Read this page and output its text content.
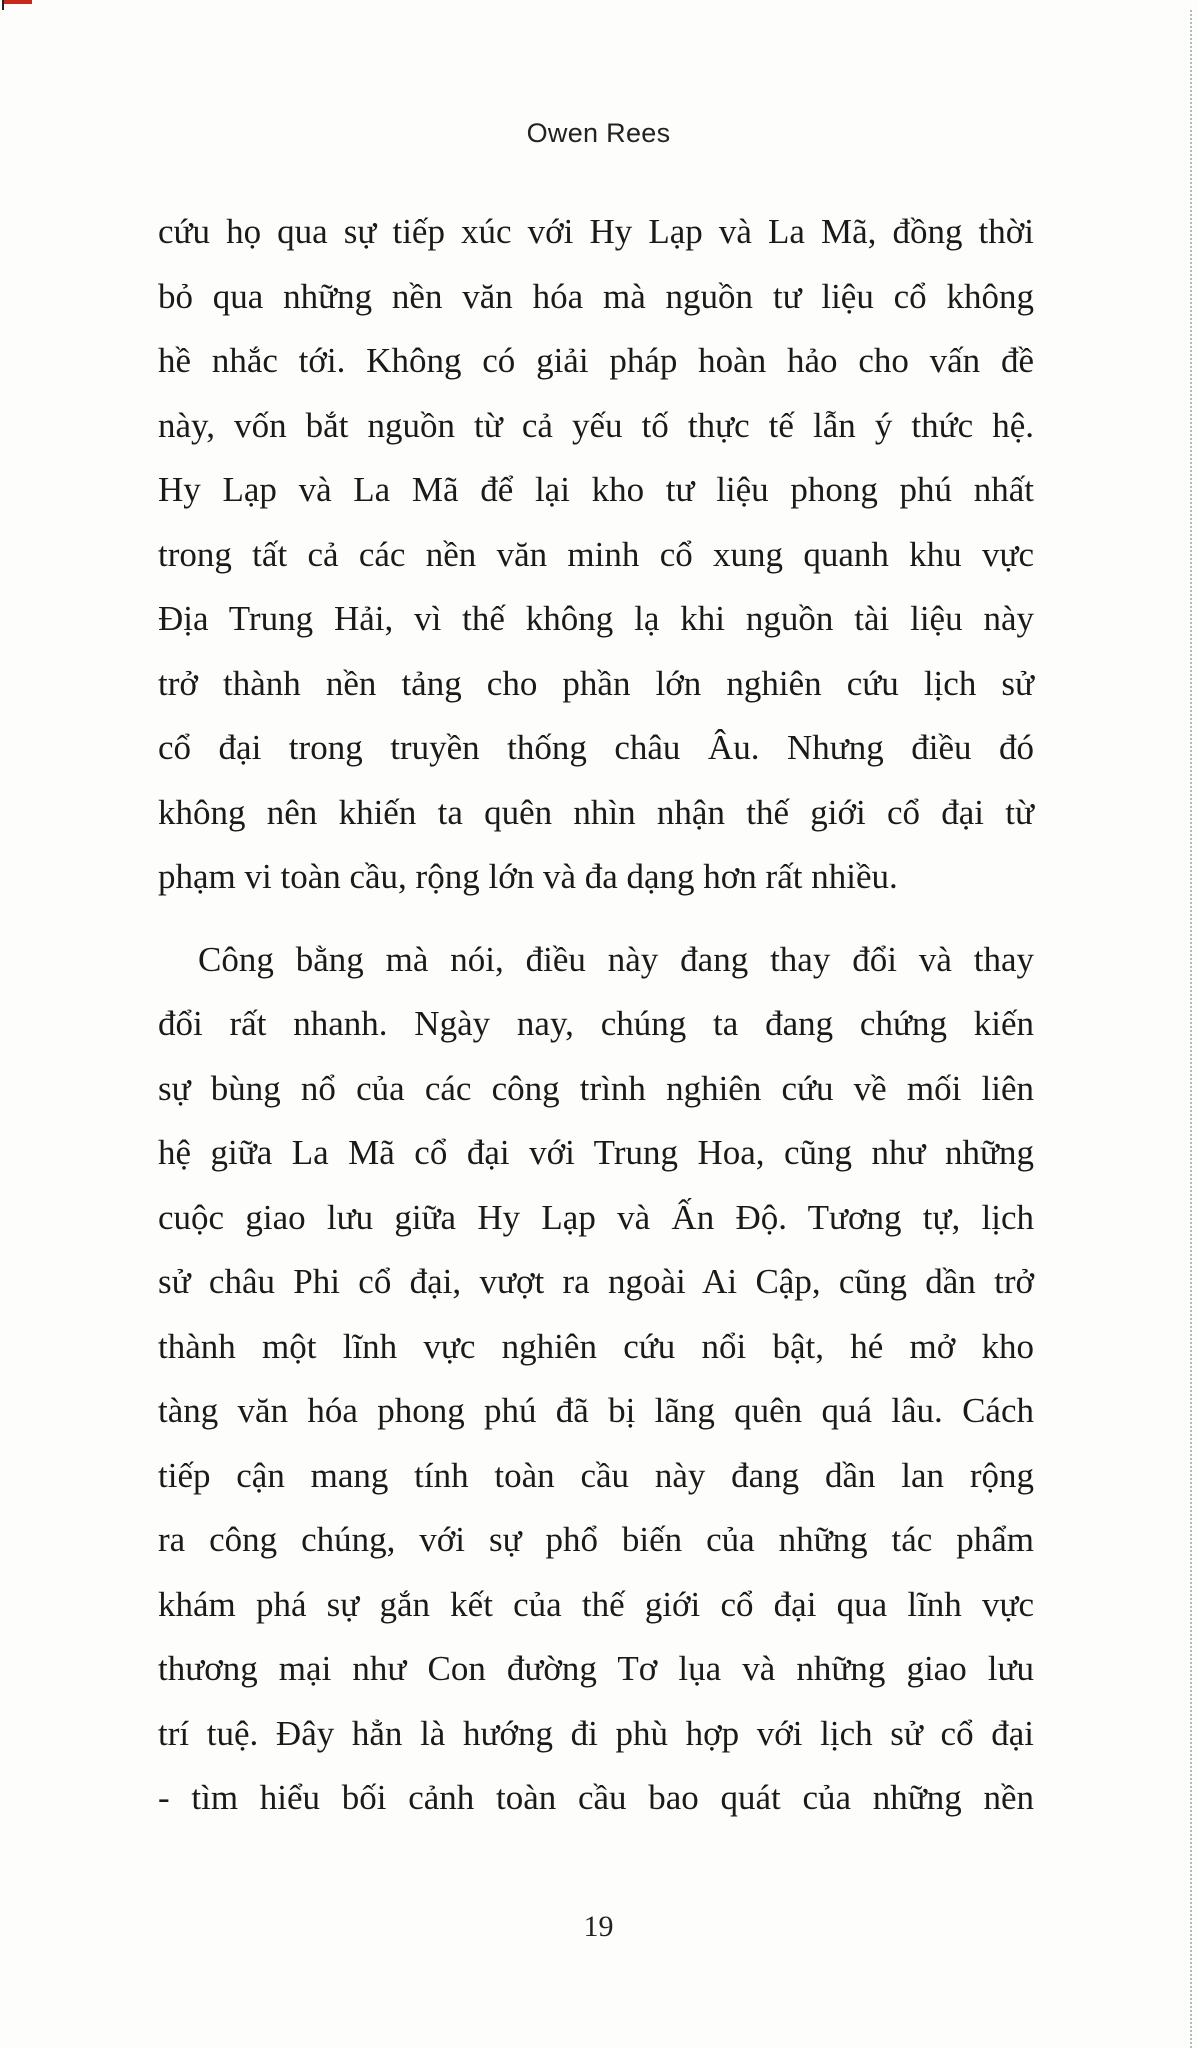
Owen Rees
cứu họ qua sự tiếp xúc với Hy Lạp và La Mã, đồng thời
bỏ qua những nền văn hóa mà nguồn tư liệu cổ không
hề nhắc tới. Không có giải pháp hoàn hảo cho vấn đề
này, vốn bắt nguồn từ cả yếu tố thực tế lẫn ý thức hệ.
Hy Lạp và La Mã để lại kho tư liệu phong phú nhất
trong tất cả các nền văn minh cổ xung quanh khu vực
Địa Trung Hải, vì thế không lạ khi nguồn tài liệu này
trở thành nền tảng cho phần lớn nghiên cứu lịch sử
cổ đại trong truyền thống châu Âu. Nhưng điều đó
không nên khiến ta quên nhìn nhận thế giới cổ đại từ
phạm vi toàn cầu, rộng lớn và đa dạng hơn rất nhiều.
Công bằng mà nói, điều này đang thay đổi và thay
đổi rất nhanh. Ngày nay, chúng ta đang chứng kiến
sự bùng nổ của các công trình nghiên cứu về mối liên
hệ giữa La Mã cổ đại với Trung Hoa, cũng như những
cuộc giao lưu giữa Hy Lạp và Ấn Độ. Tương tự, lịch
sử châu Phi cổ đại, vượt ra ngoài Ai Cập, cũng dần trở
thành một lĩnh vực nghiên cứu nổi bật, hé mở kho
tàng văn hóa phong phú đã bị lãng quên quá lâu. Cách
tiếp cận mang tính toàn cầu này đang dần lan rộng
ra công chúng, với sự phổ biến của những tác phẩm
khám phá sự gắn kết của thế giới cổ đại qua lĩnh vực
thương mại như Con đường Tơ lụa và những giao lưu
trí tuệ. Đây hẳn là hướng đi phù hợp với lịch sử cổ đại
- tìm hiểu bối cảnh toàn cầu bao quát của những nền
19
